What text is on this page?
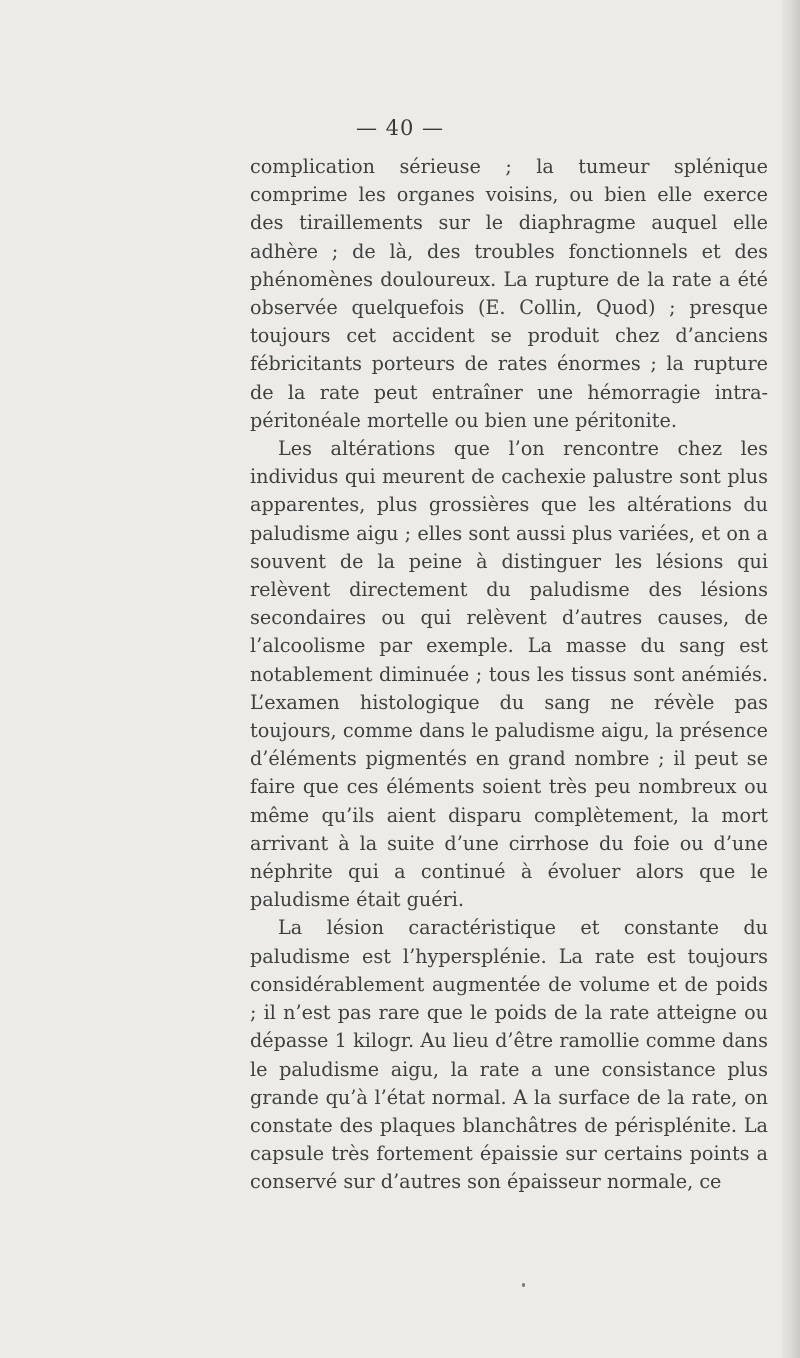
— 40 —

complication sérieuse ; la tumeur splénique comprime les organes voisins, ou bien elle exerce des tiraillements sur le diaphragme auquel elle adhère ; de là, des troubles fonctionnels et des phénomènes douloureux. La rupture de la rate a été observée quelquefois (E. Collin, Quod) ; presque toujours cet accident se produit chez d’anciens fébricitants porteurs de rates énormes ; la rupture de la rate peut entraîner une hémorragie intra-péritonéale mortelle ou bien une péritonite.

Les altérations que l’on rencontre chez les individus qui meurent de cachexie palustre sont plus apparentes, plus grossières que les altérations du paludisme aigu ; elles sont aussi plus variées, et on a souvent de la peine à distinguer les lésions qui relèvent directement du paludisme des lésions secondaires ou qui relèvent d’autres causes, de l’alcoolisme par exemple. La masse du sang est notablement diminuée ; tous les tissus sont anémiés. L’examen histologique du sang ne révèle pas toujours, comme dans le paludisme aigu, la présence d’éléments pigmentés en grand nombre ; il peut se faire que ces éléments soient très peu nombreux ou même qu’ils aient disparu complètement, la mort arrivant à la suite d’une cirrhose du foie ou d’une néphrite qui a continué à évoluer alors que le paludisme était guéri.

La lésion caractéristique et constante du paludisme est l’hypersplénie. La rate est toujours considérablement augmentée de volume et de poids ; il n’est pas rare que le poids de la rate atteigne ou dépasse 1 kilogr. Au lieu d’être ramollie comme dans le paludisme aigu, la rate a une consistance plus grande qu’à l’état normal. A la surface de la rate, on constate des plaques blanchâtres de périsplénite. La capsule très fortement épaissie sur certains points a conservé sur d’autres son épaisseur normale, ce
